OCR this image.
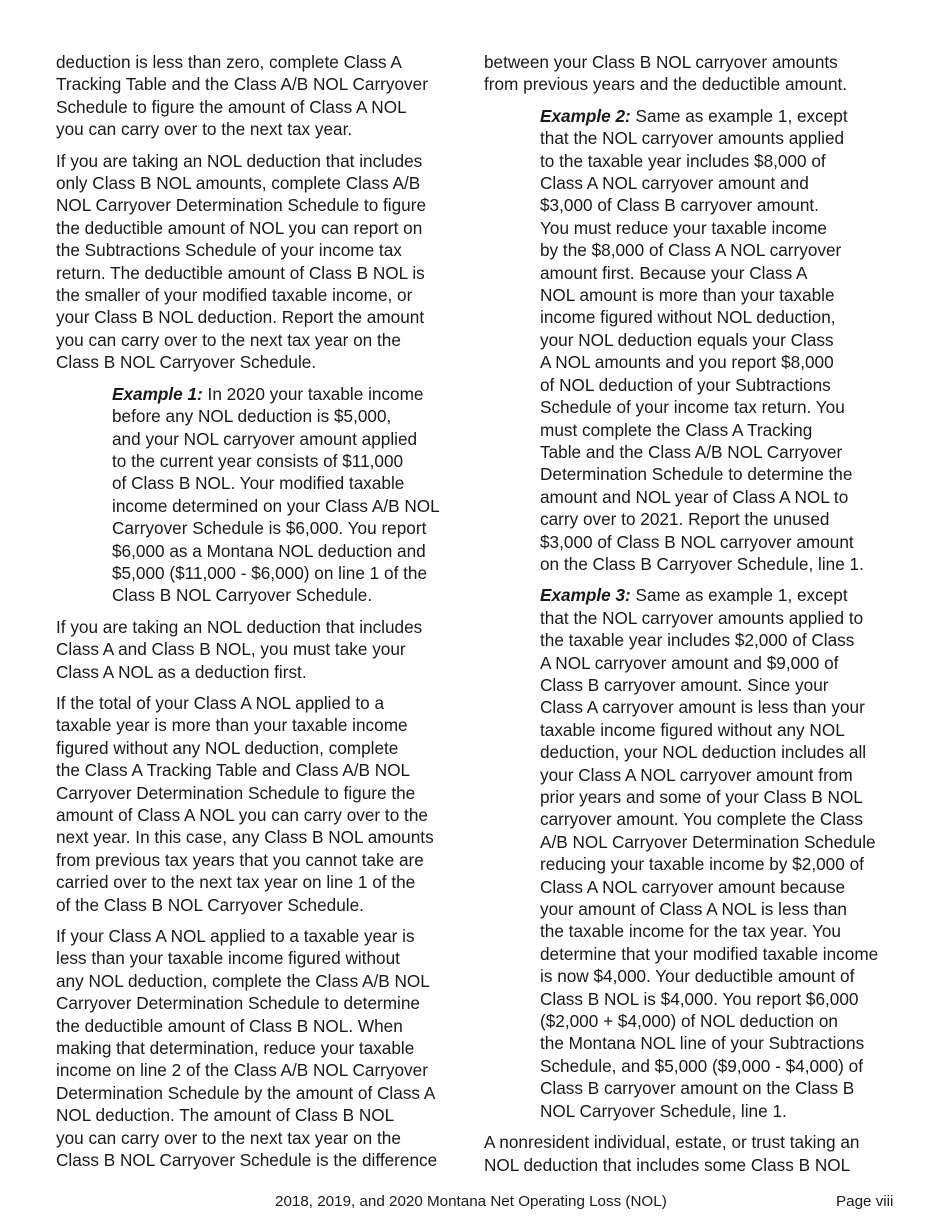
deduction is less than zero, complete Class A
Tracking Table and the Class A/B NOL Carryover
Schedule to figure the amount of Class A NOL
you can carry over to the next tax year.

If you are taking an NOL deduction that includes
only Class B NOL amounts, complete Class A/B
NOL Carryover Determination Schedule to figure
the deductible amount of NOL you can report on
the Subtractions Schedule of your income tax
return. The deductible amount of Class B NOL is
the smaller of your modified taxable income, or
your Class B NOL deduction. Report the amount
you can carry over to the next tax year on the
Class B NOL Carryover Schedule.

Example 1: In 2020 your taxable income
before any NOL deduction is $5,000,
and your NOL carryover amount applied
to the current year consists of $11,000
of Class B NOL. Your modified taxable
income determined on your Class A/B NOL
Carryover Schedule is $6,000. You report
$6,000 as a Montana NOL deduction and
$5,000 ($11,000 - $6,000) on line 1 of the
Class B NOL Carryover Schedule.

If you are taking an NOL deduction that includes
Class A and Class B NOL, you must take your
Class A NOL as a deduction first.

If the total of your Class A NOL applied to a
taxable year is more than your taxable income
figured without any NOL deduction, complete
the Class A Tracking Table and Class A/B NOL
Carryover Determination Schedule to figure the
amount of Class A NOL you can carry over to the
next year. In this case, any Class B NOL amounts
from previous tax years that you cannot take are
carried over to the next tax year on line 1 of the
of the Class B NOL Carryover Schedule.

If your Class A NOL applied to a taxable year is
less than your taxable income figured without
any NOL deduction, complete the Class A/B NOL
Carryover Determination Schedule to determine
the deductible amount of Class B NOL. When
making that determination, reduce your taxable
income on line 2 of the Class A/B NOL Carryover
Determination Schedule by the amount of Class A
NOL deduction. The amount of Class B NOL
you can carry over to the next tax year on the
Class B NOL Carryover Schedule is the difference

between your Class B NOL carryover amounts
from previous years and the deductible amount.

Example 2: Same as example 1, except
that the NOL carryover amounts applied
to the taxable year includes $8,000 of
Class A NOL carryover amount and
$3,000 of Class B carryover amount.
You must reduce your taxable income
by the $8,000 of Class A NOL carryover
amount first. Because your Class A
NOL amount is more than your taxable
income figured without NOL deduction,
your NOL deduction equals your Class
A NOL amounts and you report $8,000
of NOL deduction of your Subtractions
Schedule of your income tax return. You
must complete the Class A Tracking
Table and the Class A/B NOL Carryover
Determination Schedule to determine the
amount and NOL year of Class A NOL to
carry over to 2021. Report the unused
$3,000 of Class B NOL carryover amount
on the Class B Carryover Schedule, line 1.

Example 3: Same as example 1, except
that the NOL carryover amounts applied to
the taxable year includes $2,000 of Class
A NOL carryover amount and $9,000 of
Class B carryover amount. Since your
Class A carryover amount is less than your
taxable income figured without any NOL
deduction, your NOL deduction includes all
your Class A NOL carryover amount from
prior years and some of your Class B NOL
carryover amount. You complete the Class
A/B NOL Carryover Determination Schedule
reducing your taxable income by $2,000 of
Class A NOL carryover amount because
your amount of Class A NOL is less than
the taxable income for the tax year. You
determine that your modified taxable income
is now $4,000. Your deductible amount of
Class B NOL is $4,000. You report $6,000
($2,000 + $4,000) of NOL deduction on
the Montana NOL line of your Subtractions
Schedule, and $5,000 ($9,000 - $4,000) of
Class B carryover amount on the Class B
NOL Carryover Schedule, line 1.

A nonresident individual, estate, or trust taking an
NOL deduction that includes some Class B NOL

2018, 2019, and 2020 Montana Net Operating Loss (NOL)	Page viii
